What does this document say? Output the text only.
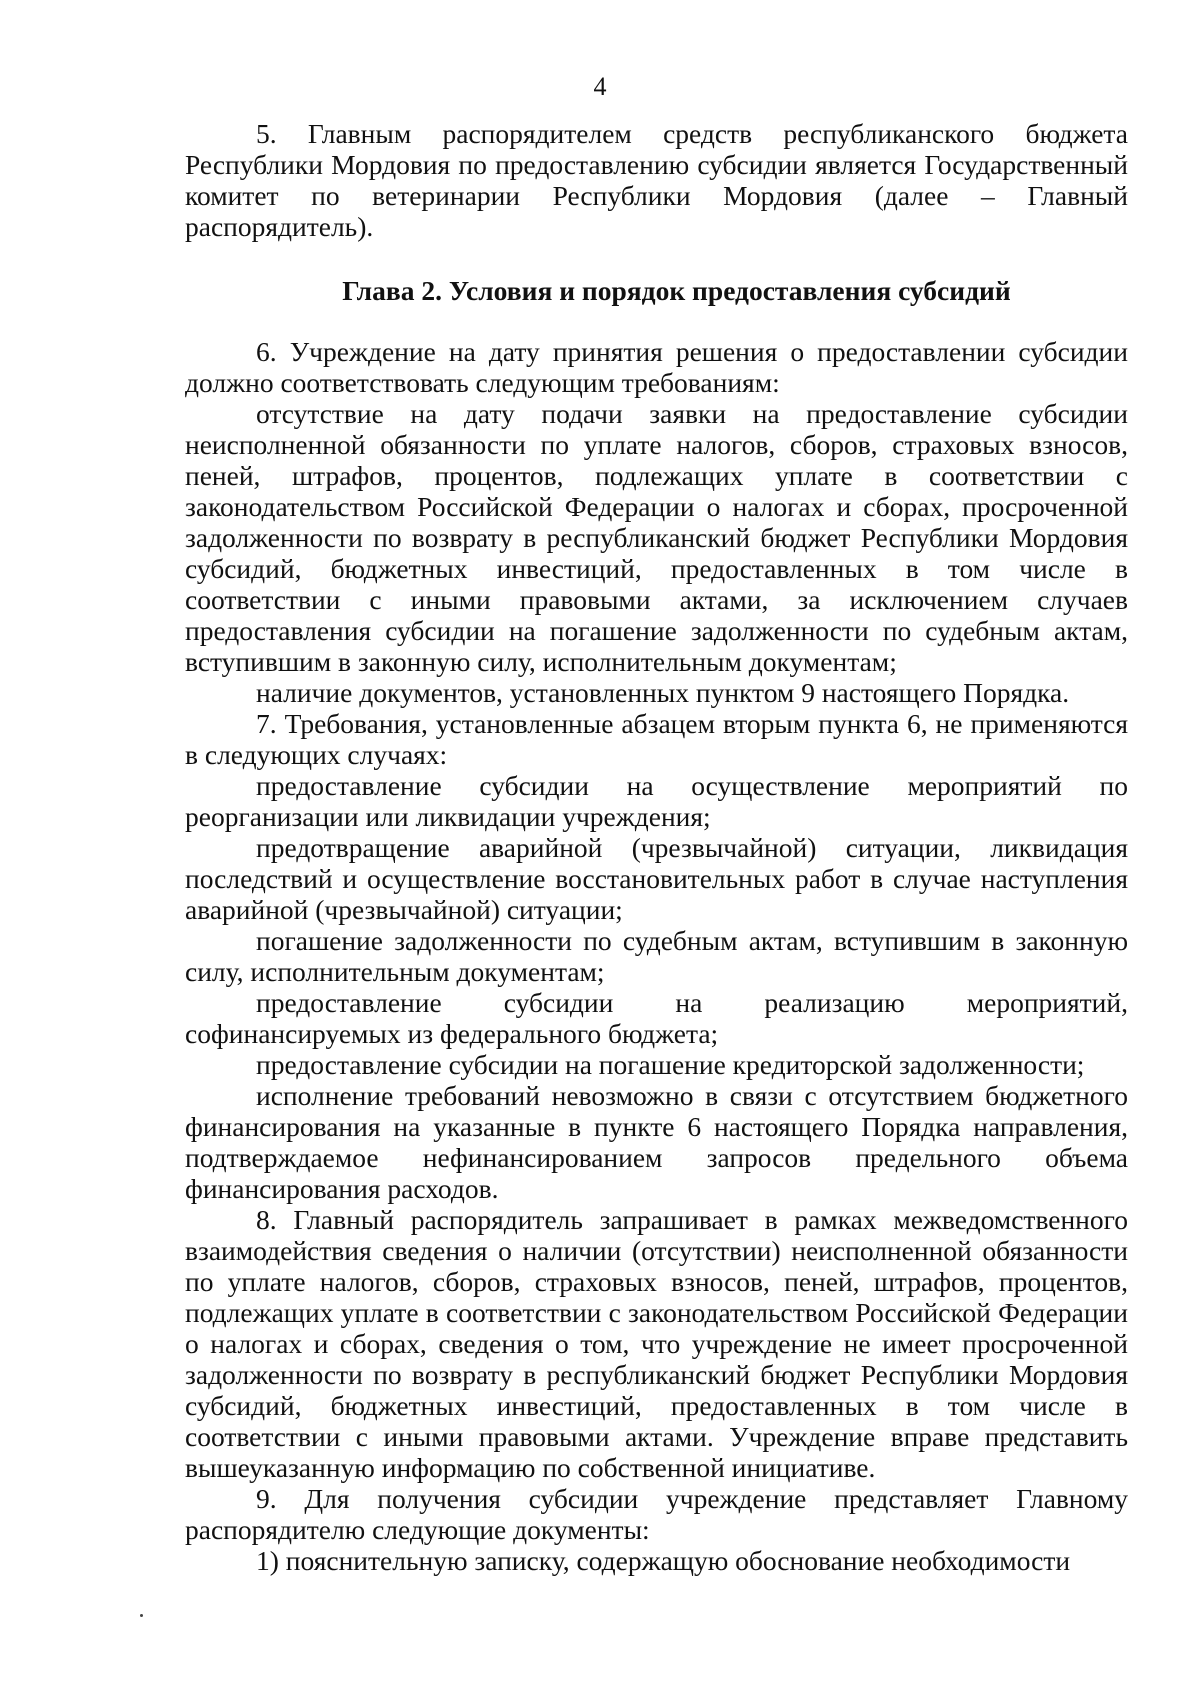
4

5. Главным распорядителем средств республиканского бюджета Республики Мордовия по предоставлению субсидии является Государственный комитет по ветеринарии Республики Мордовия (далее – Главный распорядитель).

Глава 2. Условия и порядок предоставления субсидий

6. Учреждение на дату принятия решения о предоставлении субсидии должно соответствовать следующим требованиям:

отсутствие на дату подачи заявки на предоставление субсидии неисполненной обязанности по уплате налогов, сборов, страховых взносов, пеней, штрафов, процентов, подлежащих уплате в соответствии с законодательством Российской Федерации о налогах и сборах, просроченной задолженности по возврату в республиканский бюджет Республики Мордовия субсидий, бюджетных инвестиций, предоставленных в том числе в соответствии с иными правовыми актами, за исключением случаев предоставления субсидии на погашение задолженности по судебным актам, вступившим в законную силу, исполнительным документам;

наличие документов, установленных пунктом 9 настоящего Порядка.

7. Требования, установленные абзацем вторым пункта 6, не применяются в следующих случаях:

предоставление субсидии на осуществление мероприятий по реорганизации или ликвидации учреждения;

предотвращение аварийной (чрезвычайной) ситуации, ликвидация последствий и осуществление восстановительных работ в случае наступления аварийной (чрезвычайной) ситуации;

погашение задолженности по судебным актам, вступившим в законную силу, исполнительным документам;

предоставление субсидии на реализацию мероприятий, софинансируемых из федерального бюджета;

предоставление субсидии на погашение кредиторской задолженности;

исполнение требований невозможно в связи с отсутствием бюджетного финансирования на указанные в пункте 6 настоящего Порядка направления, подтверждаемое нефинансированием запросов предельного объема финансирования расходов.

8. Главный распорядитель запрашивает в рамках межведомственного взаимодействия сведения о наличии (отсутствии) неисполненной обязанности по уплате налогов, сборов, страховых взносов, пеней, штрафов, процентов, подлежащих уплате в соответствии с законодательством Российской Федерации о налогах и сборах, сведения о том, что учреждение не имеет просроченной задолженности по возврату в республиканский бюджет Республики Мордовия субсидий, бюджетных инвестиций, предоставленных в том числе в соответствии с иными правовыми актами. Учреждение вправе представить вышеуказанную информацию по собственной инициативе.

9. Для получения субсидии учреждение представляет Главному распорядителю следующие документы:

1) пояснительную записку, содержащую обоснование необходимости
